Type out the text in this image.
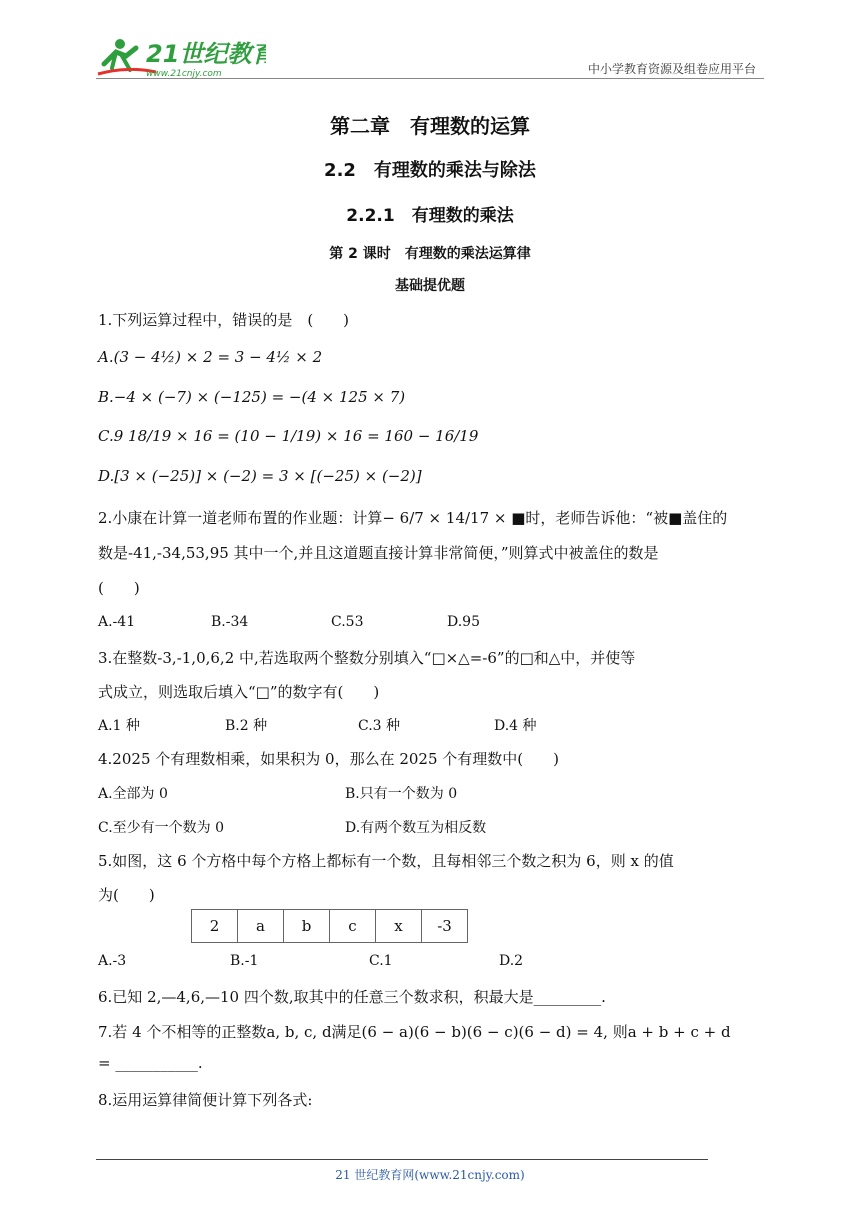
21世纪教育
www.21cnjy.com	中小学教育资源及组卷应用平台
第二章　有理数的运算
2.2　有理数的乘法与除法
2.2.1　有理数的乘法
第 2 课时　有理数的乘法运算律
基础提优题
1.下列运算过程中，错误的是　(　　)
A.(3 − 4½) × 2 = 3 − 4½ × 2
B.−4 × (−7) × (−125) = −(4 × 125 × 7)
C.9 18/19 × 16 = (10 − 1/19) × 16 = 160 − 16/19
D.[3 × (−25)] × (−2) = 3 × [(−25) × (−2)]
2.小康在计算一道老师布置的作业题：计算− 6/7 × 14/17 × ■时，老师告诉他：“被■盖住的
数是-41,-34,53,95 其中一个,并且这道题直接计算非常简便，”则算式中被盖住的数是
(　　)
A.-41	B.-34	C.53	D.95
3.在整数-3,-1,0,6,2 中,若选取两个整数分别填入“□×△=-6”的□和△中，并使等
式成立，则选取后填入“□”的数字有(　　)
A.1 种	B.2 种	C.3 种	D.4 种
4.2025 个有理数相乘，如果积为 0，那么在 2025 个有理数中(　　)
A.全部为 0	B.只有一个数为 0
C.至少有一个数为 0	D.有两个数互为相反数
5.如图，这 6 个方格中每个方格上都标有一个数，且每相邻三个数之积为 6，则 x 的值
为(　　)
2	a	b	c	x	-3
A.-3	B.-1	C.1	D.2
6.已知 2,—4,6,—10 四个数,取其中的任意三个数求积，积最大是_________.
7.若 4 个不相等的正整数a, b, c, d满足(6 − a)(6 − b)(6 − c)(6 − d) = 4, 则a + b + c + d
= ___________.
8.运用运算律简便计算下列各式:
21 世纪教育网(www.21cnjy.com)
